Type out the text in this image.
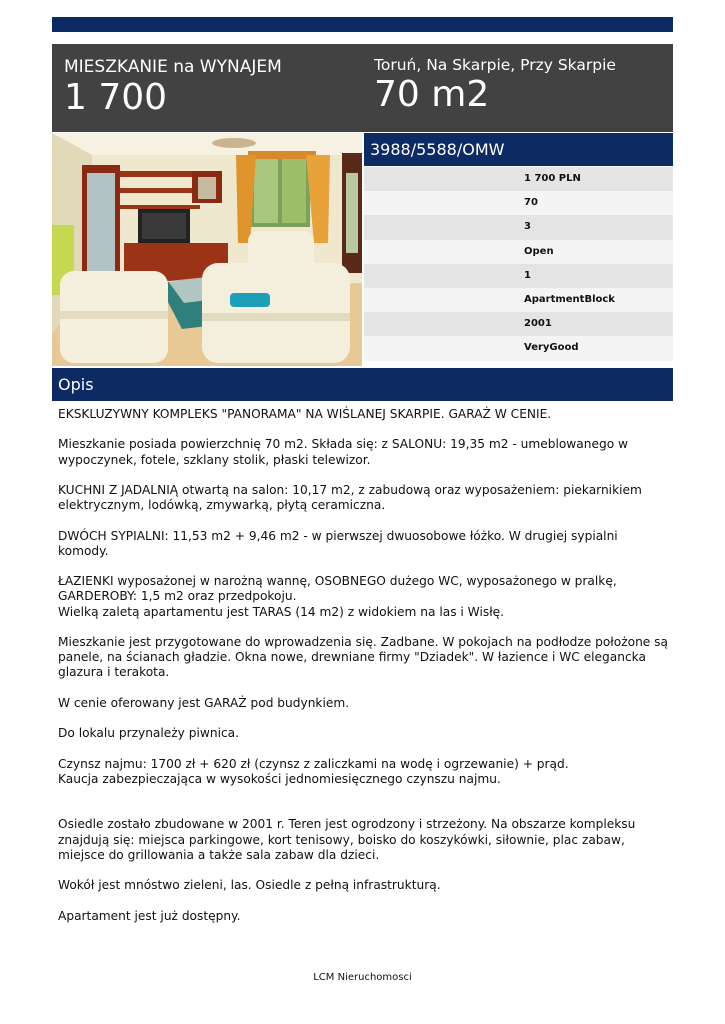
MIESZKANIE na WYNAJEM
1 700
Toruń, Na Skarpie, Przy Skarpie
70 m2
3988/5588/OMW
1 700 PLN
70
3
Open
1
ApartmentBlock
2001
VeryGood
Opis

EKSKLUZYWNY KOMPLEKS "PANORAMA" NA WIŚLANEJ SKARPIE. GARAŻ W CENIE.

Mieszkanie posiada powierzchnię 70 m2. Składa się: z SALONU: 19,35 m2 - umeblowanego w wypoczynek, fotele, szklany stolik, płaski telewizor.

KUCHNI Z JADALNIĄ otwartą na salon: 10,17 m2, z zabudową oraz wyposażeniem: piekarnikiem elektrycznym, lodówką, zmywarką, płytą ceramiczna.

DWÓCH SYPIALNI: 11,53 m2 + 9,46 m2 - w pierwszej dwuosobowe łóżko. W drugiej sypialni komody.

ŁAZIENKI wyposażonej w narożną wannę, OSOBNEGO dużego WC, wyposażonego w pralkę, GARDEROBY: 1,5 m2 oraz przedpokoju.

Wielką zaletą apartamentu jest TARAS (14 m2) z widokiem na las i Wisłę.

Mieszkanie jest przygotowane do wprowadzenia się. Zadbane. W pokojach na podłodze położone są panele, na ścianach gładzie. Okna nowe, drewniane firmy "Dziadek". W łazience i WC elegancka glazura i terakota.

W cenie oferowany jest GARAŻ pod budynkiem.

Do lokalu przynależy piwnica.

Czynsz najmu: 1700 zł + 620 zł (czynsz z zaliczkami na wodę i ogrzewanie) + prąd.

Kaucja zabezpieczająca w wysokości jednomiesięcznego czynszu najmu.

Osiedle zostało zbudowane w 2001 r. Teren jest ogrodzony i strzeżony. Na obszarze kompleksu znajdują się: miejsca parkingowe, kort tenisowy, boisko do koszykówki, siłownie, plac zabaw, miejsce do grillowania a także sala zabaw dla dzieci.

Wokół jest mnóstwo zieleni, las. Osiedle z pełną infrastrukturą.

Apartament jest już dostępny.

LCM Nieruchomosci
